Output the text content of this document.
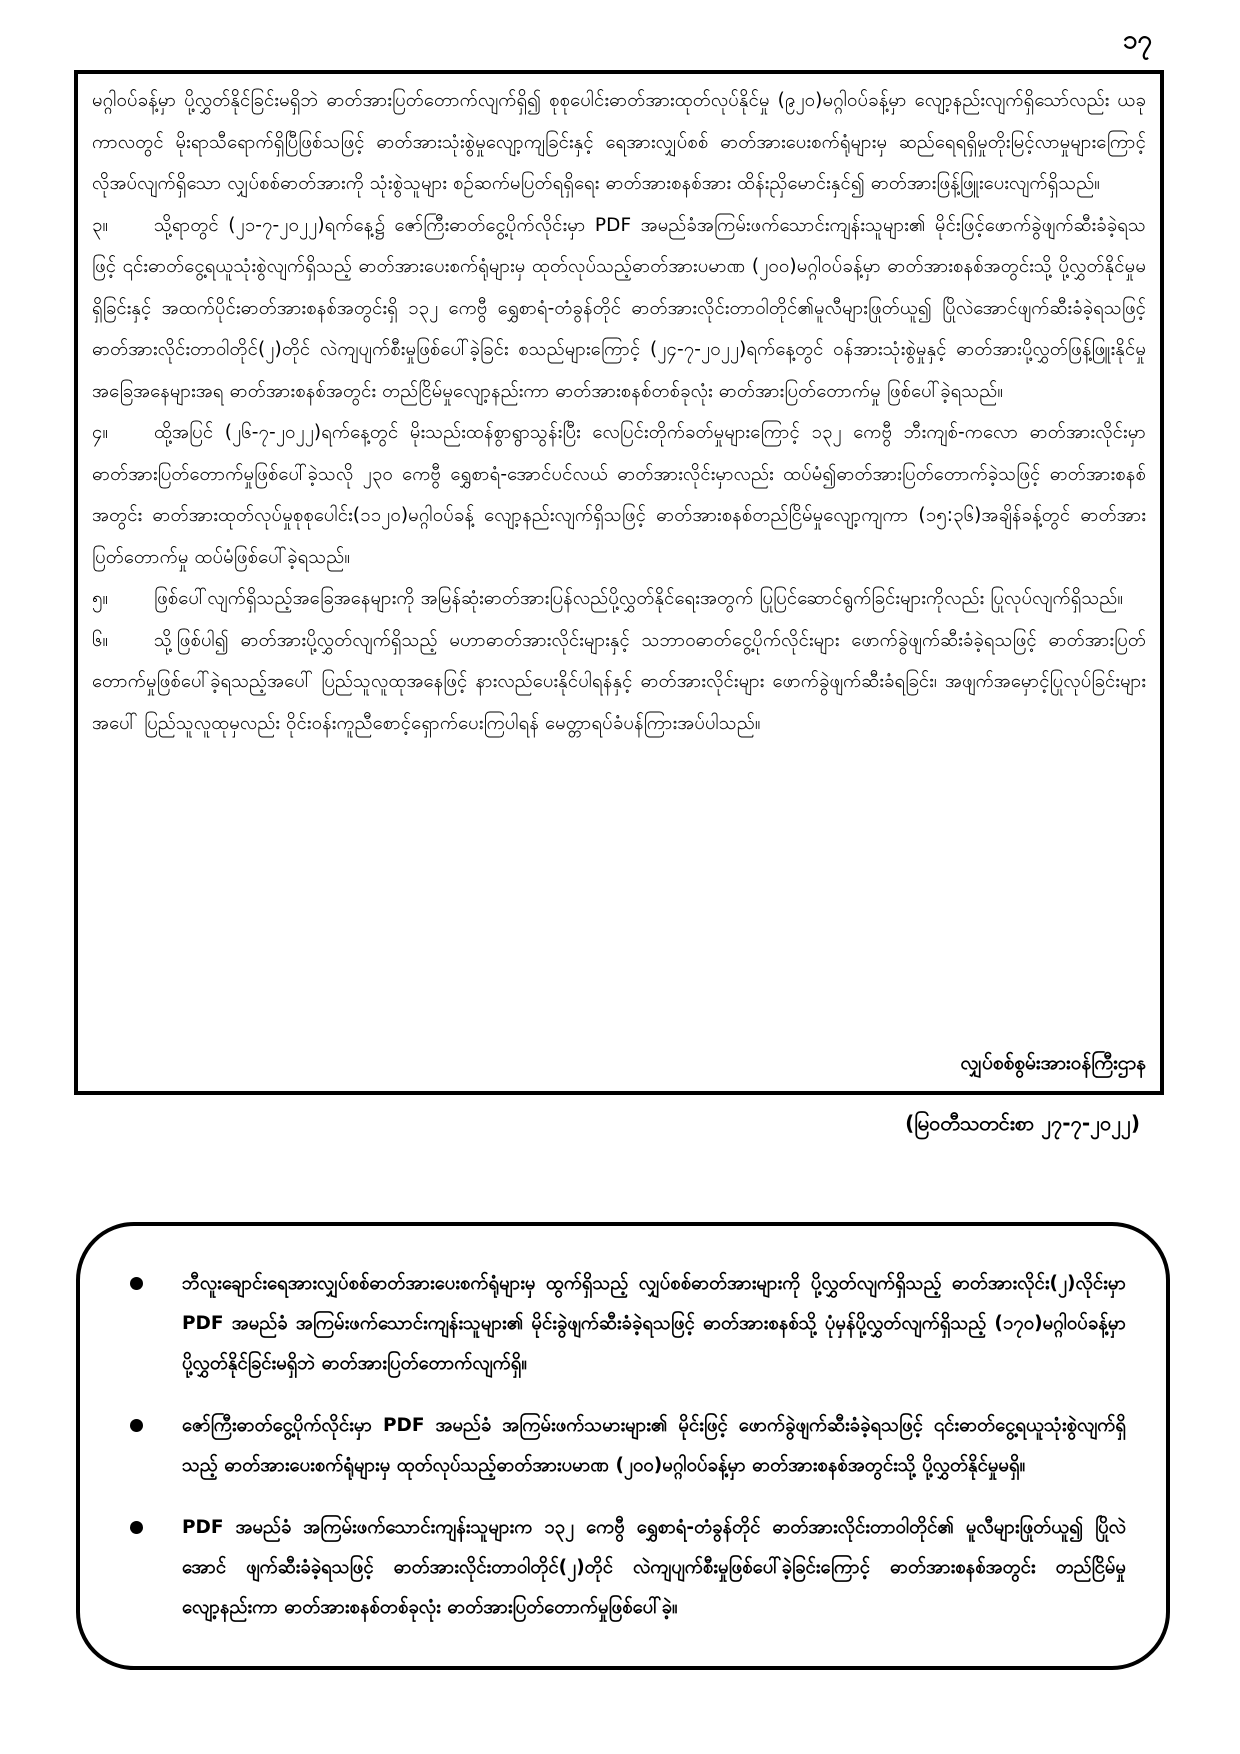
၁၇

မဂ္ဂါဝပ်ခန့်မှာ ပို့လွှတ်နိုင်ခြင်းမရှိဘဲ ဓာတ်အားပြတ်တောက်လျက်ရှိ၍ စုစုပေါင်းဓာတ်အားထုတ်လုပ်နိုင်မှု (၉၂၀)မဂ္ဂါဝပ်ခန့်မှာ လျော့နည်းလျက်ရှိသော်လည်း ယခုကာလတွင် မိုးရာသီရောက်ရှိပြီဖြစ်သဖြင့် ဓာတ်အားသုံးစွဲမှုလျော့ကျခြင်းနှင့် ရေအားလျှပ်စစ် ဓာတ်အားပေးစက်ရုံများမှ ဆည်ရေရရှိမှုတိုးမြင့်လာမှုများကြောင့် လိုအပ်လျက်ရှိသော လျှပ်စစ်ဓာတ်အားကို သုံးစွဲသူများ စဉ်ဆက်မပြတ်ရရှိရေး ဓာတ်အားစနစ်အား ထိန်းညှိမောင်းနှင်၍ ဓာတ်အားဖြန့်ဖြူးပေးလျက်ရှိသည်။

၃။ သို့ရာတွင် (၂၁-၇-၂၀၂၂)ရက်နေ့၌ ဇော်ကြီးဓာတ်ငွေ့ပိုက်လိုင်းမှာ PDF အမည်ခံအကြမ်းဖက်သောင်းကျန်းသူများ၏ မိုင်းဖြင့်ဖောက်ခွဲဖျက်ဆီးခံခဲ့ရသဖြင့် ၎င်းဓာတ်ငွေ့ရယူသုံးစွဲလျက်ရှိသည့် ဓာတ်အားပေးစက်ရုံများမှ ထုတ်လုပ်သည့်ဓာတ်အားပမာဏ (၂၀၀)မဂ္ဂါဝပ်ခန့်မှာ ဓာတ်အားစနစ်အတွင်းသို့ ပို့လွှတ်နိုင်မှုမရှိခြင်းနှင့် အထက်ပိုင်းဓာတ်အားစနစ်အတွင်းရှိ ၁၃၂ ကေဗွီ ရွှေစာရံ-တံခွန်တိုင် ဓာတ်အားလိုင်းတာဝါတိုင်၏မူလီများဖြုတ်ယူ၍ ပြိုလဲအောင်ဖျက်ဆီးခံခဲ့ရသဖြင့် ဓာတ်အားလိုင်းတာဝါတိုင်(၂)တိုင် လဲကျပျက်စီးမှုဖြစ်ပေါ်ခဲ့ခြင်း စသည်များကြောင့် (၂၄-၇-၂၀၂၂)ရက်နေ့တွင် ဝန်အားသုံးစွဲမှုနှင့် ဓာတ်အားပို့လွှတ်ဖြန့်ဖြူးနိုင်မှုအခြေအနေများအရ ဓာတ်အားစနစ်အတွင်း တည်ငြိမ်မှုလျော့နည်းကာ ဓာတ်အားစနစ်တစ်ခုလုံး ဓာတ်အားပြတ်တောက်မှု ဖြစ်ပေါ်ခဲ့ရသည်။

၄။ ထို့အပြင် (၂၆-၇-၂၀၂၂)ရက်နေ့တွင် မိုးသည်းထန်စွာရွာသွန်းပြီး လေပြင်းတိုက်ခတ်မှုများကြောင့် ၁၃၂ ကေဗွီ ဘီးကျစ်-ကလော ဓာတ်အားလိုင်းမှာ ဓာတ်အားပြတ်တောက်မှုဖြစ်ပေါ်ခဲ့သလို ၂၃၀ ကေဗွီ ရွှေစာရံ-အောင်ပင်လယ် ဓာတ်အားလိုင်းမှာလည်း ထပ်မံ၍ဓာတ်အားပြတ်တောက်ခဲ့သဖြင့် ဓာတ်အားစနစ်အတွင်း ဓာတ်အားထုတ်လုပ်မှုစုစုပေါင်း(၁၁၂၀)မဂ္ဂါဝပ်ခန့် လျော့နည်းလျက်ရှိသဖြင့် ဓာတ်အားစနစ်တည်ငြိမ်မှုလျော့ကျကာ (၁၅:၃၆)အချိန်ခန့်တွင် ဓာတ်အားပြတ်တောက်မှု ထပ်မံဖြစ်ပေါ်ခဲ့ရသည်။

၅။ ဖြစ်ပေါ်လျက်ရှိသည့်အခြေအနေများကို အမြန်ဆုံးဓာတ်အားပြန်လည်ပို့လွှတ်နိုင်ရေးအတွက် ပြုပြင်ဆောင်ရွက်ခြင်းများကိုလည်း ပြုလုပ်လျက်ရှိသည်။

၆။ သို့ဖြစ်ပါ၍ ဓာတ်အားပို့လွှတ်လျက်ရှိသည့် မဟာဓာတ်အားလိုင်းများနှင့် သဘာဝဓာတ်ငွေ့ပိုက်လိုင်းများ ဖောက်ခွဲဖျက်ဆီးခံခဲ့ရသဖြင့် ဓာတ်အားပြတ်တောက်မှုဖြစ်ပေါ်ခဲ့ရသည့်အပေါ် ပြည်သူလူထုအနေဖြင့် နားလည်ပေးနိုင်ပါရန်နှင့် ဓာတ်အားလိုင်းများ ဖောက်ခွဲဖျက်ဆီးခံရခြင်း၊ အဖျက်အမှောင့်ပြုလုပ်ခြင်းများအပေါ် ပြည်သူလူထုမှလည်း ဝိုင်းဝန်းကူညီစောင့်ရှောက်ပေးကြပါရန် မေတ္တာရပ်ခံပန်ကြားအပ်ပါသည်။

လျှပ်စစ်စွမ်းအားဝန်ကြီးဌာန
(မြဝတီသတင်းစာ ၂၇-၇-၂၀၂၂)
ဘီလူးချောင်းရေအားလျှပ်စစ်ဓာတ်အားပေးစက်ရုံများမှ ထွက်ရှိသည့် လျှပ်စစ်ဓာတ်အားများကို ပို့လွှတ်လျက်ရှိသည့် ဓာတ်အားလိုင်း(၂)လိုင်းမှာ PDF အမည်ခံ အကြမ်းဖက်သောင်းကျန်းသူများ၏ မိုင်းခွဲဖျက်ဆီးခံခဲ့ရသဖြင့် ဓာတ်အားစနစ်သို့ ပုံမှန်ပို့လွှတ်လျက်ရှိသည့် (၁၇၀)မဂ္ဂါဝပ်ခန့်မှာ ပို့လွှတ်နိုင်ခြင်းမရှိဘဲ ဓာတ်အားပြတ်တောက်လျက်ရှိ။
ဇော်ကြီးဓာတ်ငွေ့ပိုက်လိုင်းမှာ PDF အမည်ခံ အကြမ်းဖက်သမားများ၏ မိုင်းဖြင့် ဖောက်ခွဲဖျက်ဆီးခံခဲ့ရသဖြင့် ၎င်းဓာတ်ငွေ့ရယူသုံးစွဲလျက်ရှိသည့် ဓာတ်အားပေးစက်ရုံများမှ ထုတ်လုပ်သည့်ဓာတ်အားပမာဏ (၂၀၀)မဂ္ဂါဝပ်ခန့်မှာ ဓာတ်အားစနစ်အတွင်းသို့ ပို့လွှတ်နိုင်မှုမရှိ။
PDF အမည်ခံ အကြမ်းဖက်သောင်းကျန်းသူများက ၁၃၂ ကေဗွီ ရွှေစာရံ-တံခွန်တိုင် ဓာတ်အားလိုင်းတာဝါတိုင်၏ မူလီများဖြုတ်ယူ၍ ပြိုလဲအောင် ဖျက်ဆီးခံခဲ့ရသဖြင့် ဓာတ်အားလိုင်းတာဝါတိုင်(၂)တိုင် လဲကျပျက်စီးမှုဖြစ်ပေါ်ခဲ့ခြင်းကြောင့် ဓာတ်အားစနစ်အတွင်း တည်ငြိမ်မှုလျော့နည်းကာ ဓာတ်အားစနစ်တစ်ခုလုံး ဓာတ်အားပြတ်တောက်မှုဖြစ်ပေါ်ခဲ့။
